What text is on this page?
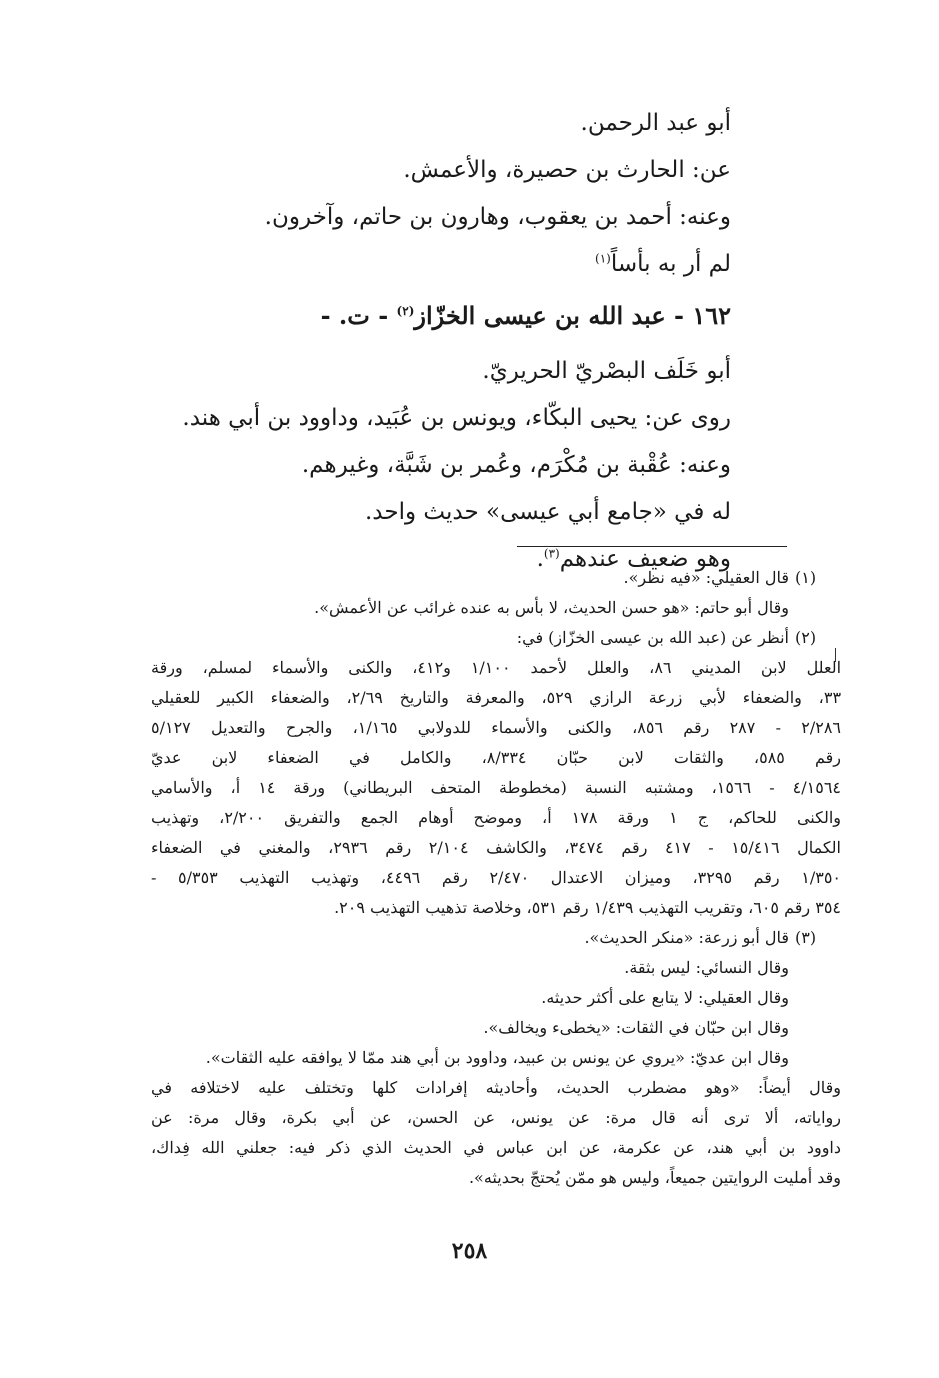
أبو عبد الرحمن.
عن: الحارث بن حصيرة، والأعمش.
وعنه: أحمد بن يعقوب، وهارون بن حاتم، وآخرون.
لم أر به بأساً$^{(١)}$
١٦٢ - عبد الله بن عيسى الخزّاز$^{(٢)}$ - ت. -
أبو خَلَف البصْريّ الحريريّ.
روى عن: يحيى البكّاء، ويونس بن عُبَيد، وداوود بن أبي هند.
وعنه: عُقْبة بن مُكْرَم، وعُمر بن شَبَّة، وغيرهم.
له في «جامع أبي عيسى» حديث واحد.
وهو ضعيف عندهم$^{(٣)}$.
(١)
قال العقيلي: «فيه نظر».
وقال أبو حاتم: «هو حسن الحديث، لا بأس به عنده غرائب عن الأعمش».
(٢)
أنظر عن (عبد الله بن عيسى الخزّاز) في:
العلل لابن المديني ٨٦، والعلل لأحمد ١/١٠٠ و٤١٢، والكنى والأسماء لمسلم، ورقة
٣٣، والضعفاء لأبي زرعة الرازي ٥٢٩، والمعرفة والتاريخ ٢/٦٩، والضعفاء الكبير للعقيلي
٢/٢٨٦ - ٢٨٧ رقم ٨٥٦، والكنى والأسماء للدولابي ١/١٦٥، والجرح والتعديل ٥/١٢٧
رقم ٥٨٥، والثقات لابن حبّان ٨/٣٣٤، والكامل في الضعفاء لابن عديّ
٤/١٥٦٤ - ١٥٦٦، ومشتبه النسبة (مخطوطة المتحف البريطاني) ورقة ١٤ أ، والأسامي
والكنى للحاكم، ج ١ ورقة ١٧٨ أ، وموضح أوهام الجمع والتفريق ٢/٢٠٠، وتهذيب
الكمال ١٥/٤١٦ - ٤١٧ رقم ٣٤٧٤، والكاشف ٢/١٠٤ رقم ٢٩٣٦، والمغني في الضعفاء
١/٣٥٠ رقم ٣٢٩٥، وميزان الاعتدال ٢/٤٧٠ رقم ٤٤٩٦، وتهذيب التهذيب ٥/٣٥٣ -
٣٥٤ رقم ٦٠٥، وتقريب التهذيب ١/٤٣٩ رقم ٥٣١، وخلاصة تذهيب التهذيب ٢٠٩.
(٣)
قال أبو زرعة: «منكر الحديث».
وقال النسائي: ليس بثقة.
وقال العقيلي: لا يتابع على أكثر حديثه.
وقال ابن حبّان في الثقات: «يخطىء ويخالف».
وقال ابن عديّ: «يروي عن يونس بن عبيد، وداوود بن أبي هند ممّا لا يوافقه عليه الثقات».
وقال أيضاً: «وهو مضطرب الحديث، وأحاديثه إفرادات كلها وتختلف عليه لاختلافه في
رواياته، ألا ترى أنه قال مرة: عن يونس، عن الحسن، عن أبي بكرة، وقال مرة: عن
داوود بن أبي هند، عن عكرمة، عن ابن عباس في الحديث الذي ذكر فيه: جعلني الله فِداك،
وقد أمليت الروايتين جميعاً، وليس هو ممّن يُحتجّ بحديثه».
٢٥٨
